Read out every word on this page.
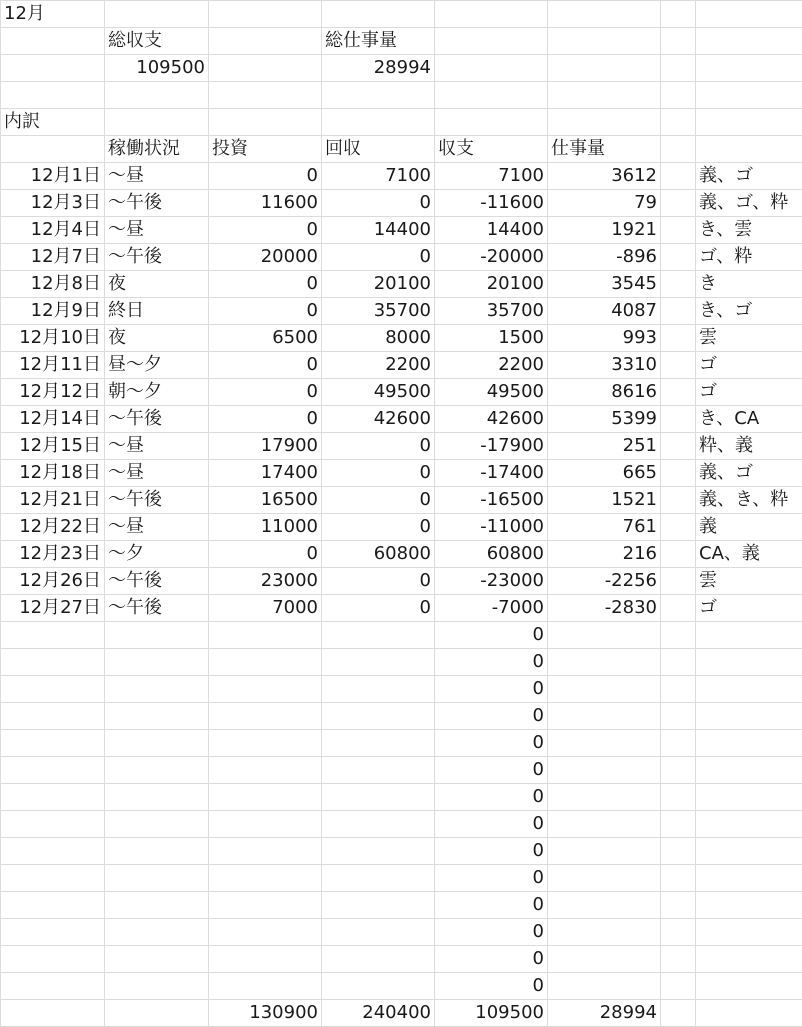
12月							
	総収支		総仕事量				
	109500		28994				

内訳							
	稼働状況	投資	回収	収支	仕事量		
12月1日	〜昼	0	7100	7100	3612		義、ゴ
12月3日	〜午後	11600	0	-11600	79		義、ゴ、粋
12月4日	〜昼	0	14400	14400	1921		き、雲
12月7日	〜午後	20000	0	-20000	-896		ゴ、粋
12月8日	夜	0	20100	20100	3545		き
12月9日	終日	0	35700	35700	4087		き、ゴ
12月10日	夜	6500	8000	1500	993		雲
12月11日	昼〜夕	0	2200	2200	3310		ゴ
12月12日	朝〜夕	0	49500	49500	8616		ゴ
12月14日	〜午後	0	42600	42600	5399		き、CA
12月15日	〜昼	17900	0	-17900	251		粋、義
12月18日	〜昼	17400	0	-17400	665		義、ゴ
12月21日	〜午後	16500	0	-16500	1521		義、き、粋
12月22日	〜昼	11000	0	-11000	761		義
12月23日	〜夕	0	60800	60800	216		CA、義
12月26日	〜午後	23000	0	-23000	-2256		雲
12月27日	〜午後	7000	0	-7000	-2830		ゴ
				0			
				0			
				0			
				0			
				0			
				0			
				0			
				0			
				0			
				0			
				0			
				0			
				0			
				0			
		130900	240400	109500	28994		
